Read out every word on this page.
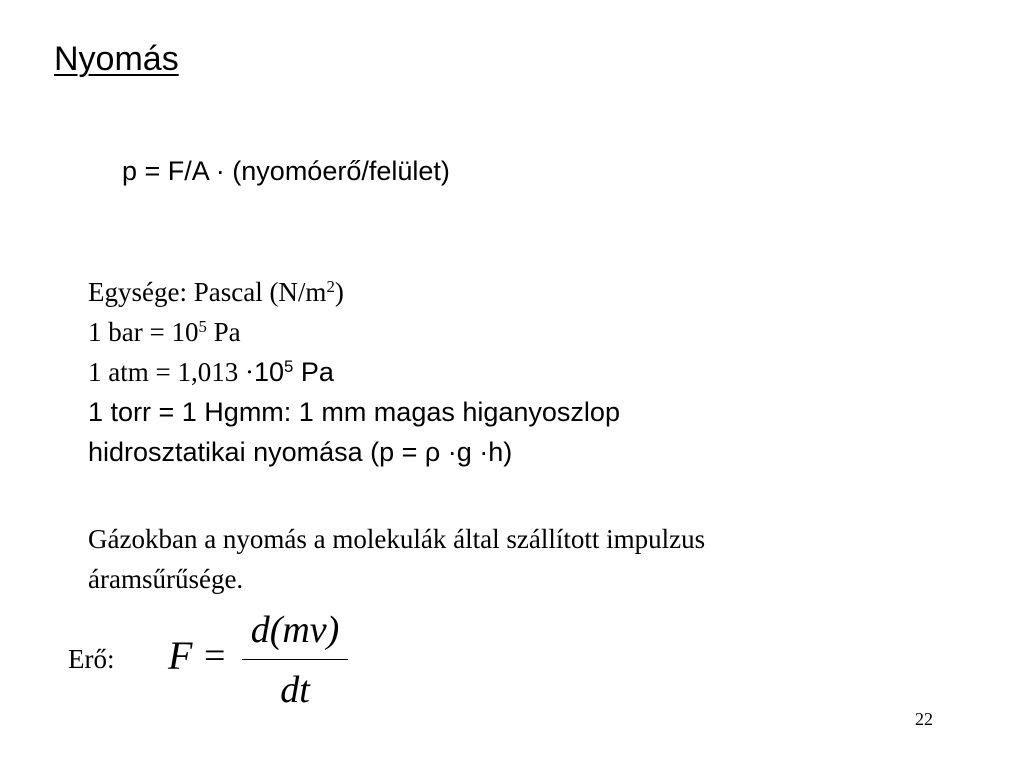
Nyomás
p = F/A · (nyomóerő/felület)
Egysége: Pascal $(N/m^2)$
1 bar = $10^5$ Pa
1 atm = $1,013 \cdot 10^5$ Pa
1 torr = 1 Hgmm: 1 mm magas higanyoszlop
hidrosztatikai nyomása (p = ρ ·g ·h)
Gázokban a nyomás a molekulák által szállított impulzus
áramsűrűsége.
Erő: F =
d(mv)
dt
22
